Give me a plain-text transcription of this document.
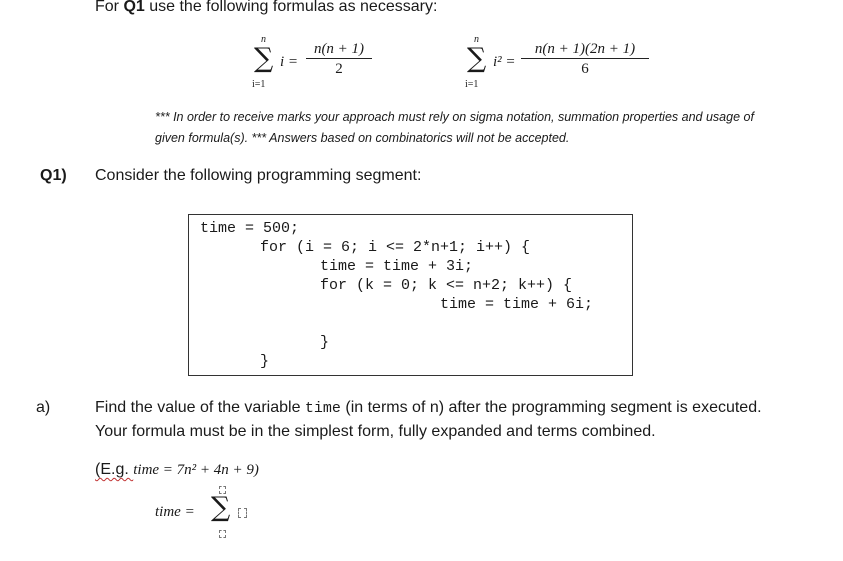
For Q1 use the following formulas as necessary:
n
∑
i=1
$i = \frac{n(n + 1)}{2}$
n
∑
i=1
$i^2 = \frac{n(n + 1)(2n + 1)}{6}$
*** In order to receive marks your approach must rely on sigma notation, summation properties and usage of
given formula(s). *** Answers based on combinatorics will not be accepted.
Q1) Consider the following programming segment:
time = 500;
for (i = 6; i <= 2*n+1; i++) {
time = time + 3i;
for (k = 0; k <= n+2; k++) {
time = time + 6i;
}
}
a)	Find the value of the variable time (in terms of n) after the programming segment is executed.
Your formula must be in the simplest form, fully expanded and terms combined.
(E.g. time = 7n² + 4n + 9)
time = ∑
